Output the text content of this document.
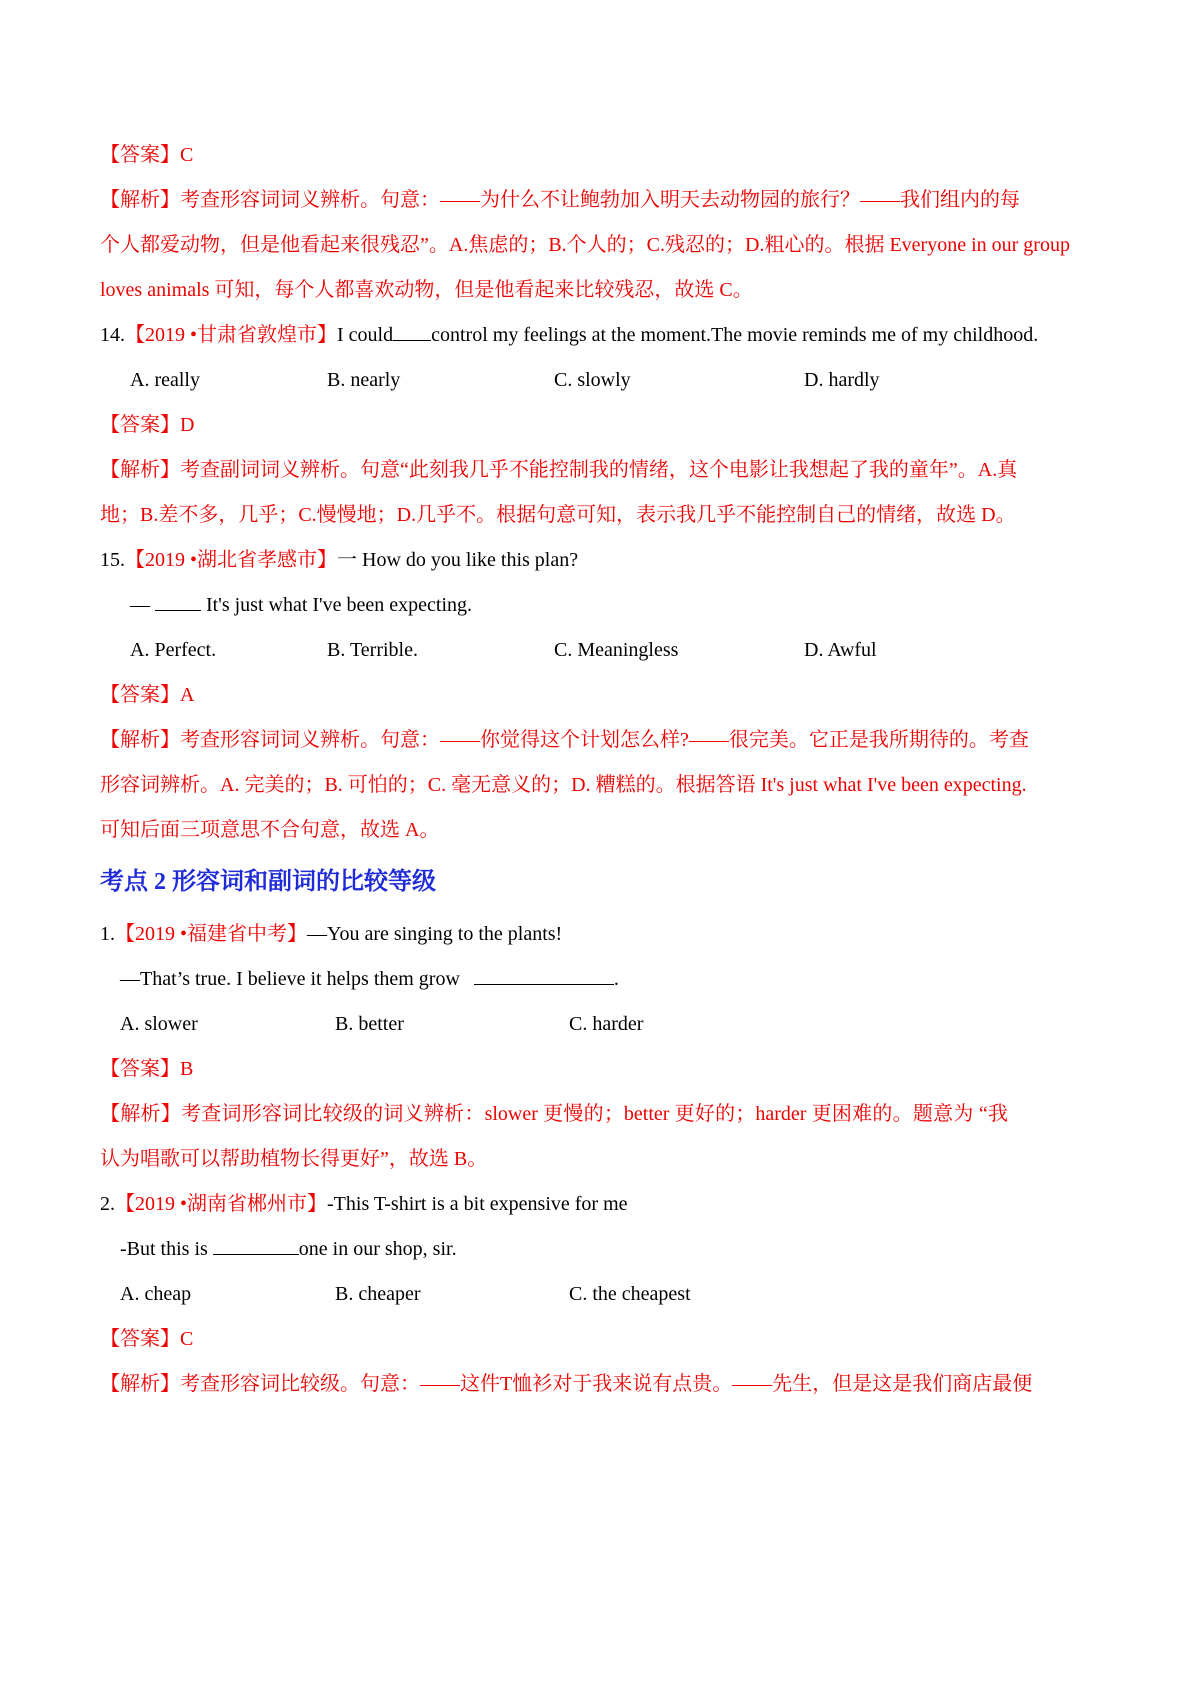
【答案】C
【解析】考查形容词词义辨析。句意：——为什么不让鲍勃加入明天去动物园的旅行？——我们组内的每
个人都爱动物，但是他看起来很残忍”。A.焦虑的；B.个人的；C.残忍的；D.粗心的。根据 Everyone in our group
loves animals 可知，每个人都喜欢动物，但是他看起来比较残忍，故选 C。
14.【2019 •甘肃省敦煌市】I could control my feelings at the moment.The movie reminds me of my childhood.
A. really	B. nearly	C. slowly	D. hardly
【答案】D
【解析】考查副词词义辨析。句意“此刻我几乎不能控制我的情绪，这个电影让我想起了我的童年”。A.真
地；B.差不多，几乎；C.慢慢地；D.几乎不。根据句意可知，表示我几乎不能控制自己的情绪，故选 D。
15.【2019 •湖北省孝感市】一 How do you like this plan?
—  It's just what I've been expecting.
A. Perfect.	B. Terrible.	C. Meaningless	D. Awful
【答案】A
【解析】考查形容词词义辨析。句意：——你觉得这个计划怎么样?——很完美。它正是我所期待的。考查
形容词辨析。A. 完美的；B. 可怕的；C. 毫无意义的；D. 糟糕的。根据答语 It's just what I've been expecting.
可知后面三项意思不合句意，故选 A。
考点 2 形容词和副词的比较等级
1.【2019 •福建省中考】—You are singing to the plants!
—That’s true. I believe it helps them grow	.
A. slower	B. better	C. harder
【答案】B
【解析】考查词形容词比较级的词义辨析：slower 更慢的；better 更好的；harder 更困难的。题意为 “我
认为唱歌可以帮助植物长得更好”，故选 B。
2.【2019 •湖南省郴州市】-This T-shirt is a bit expensive for me
-But this is	one in our shop, sir.
A. cheap	B. cheaper	C. the cheapest
【答案】C
【解析】考查形容词比较级。句意：——这件T恤衫对于我来说有点贵。——先生，但是这是我们商店最便
